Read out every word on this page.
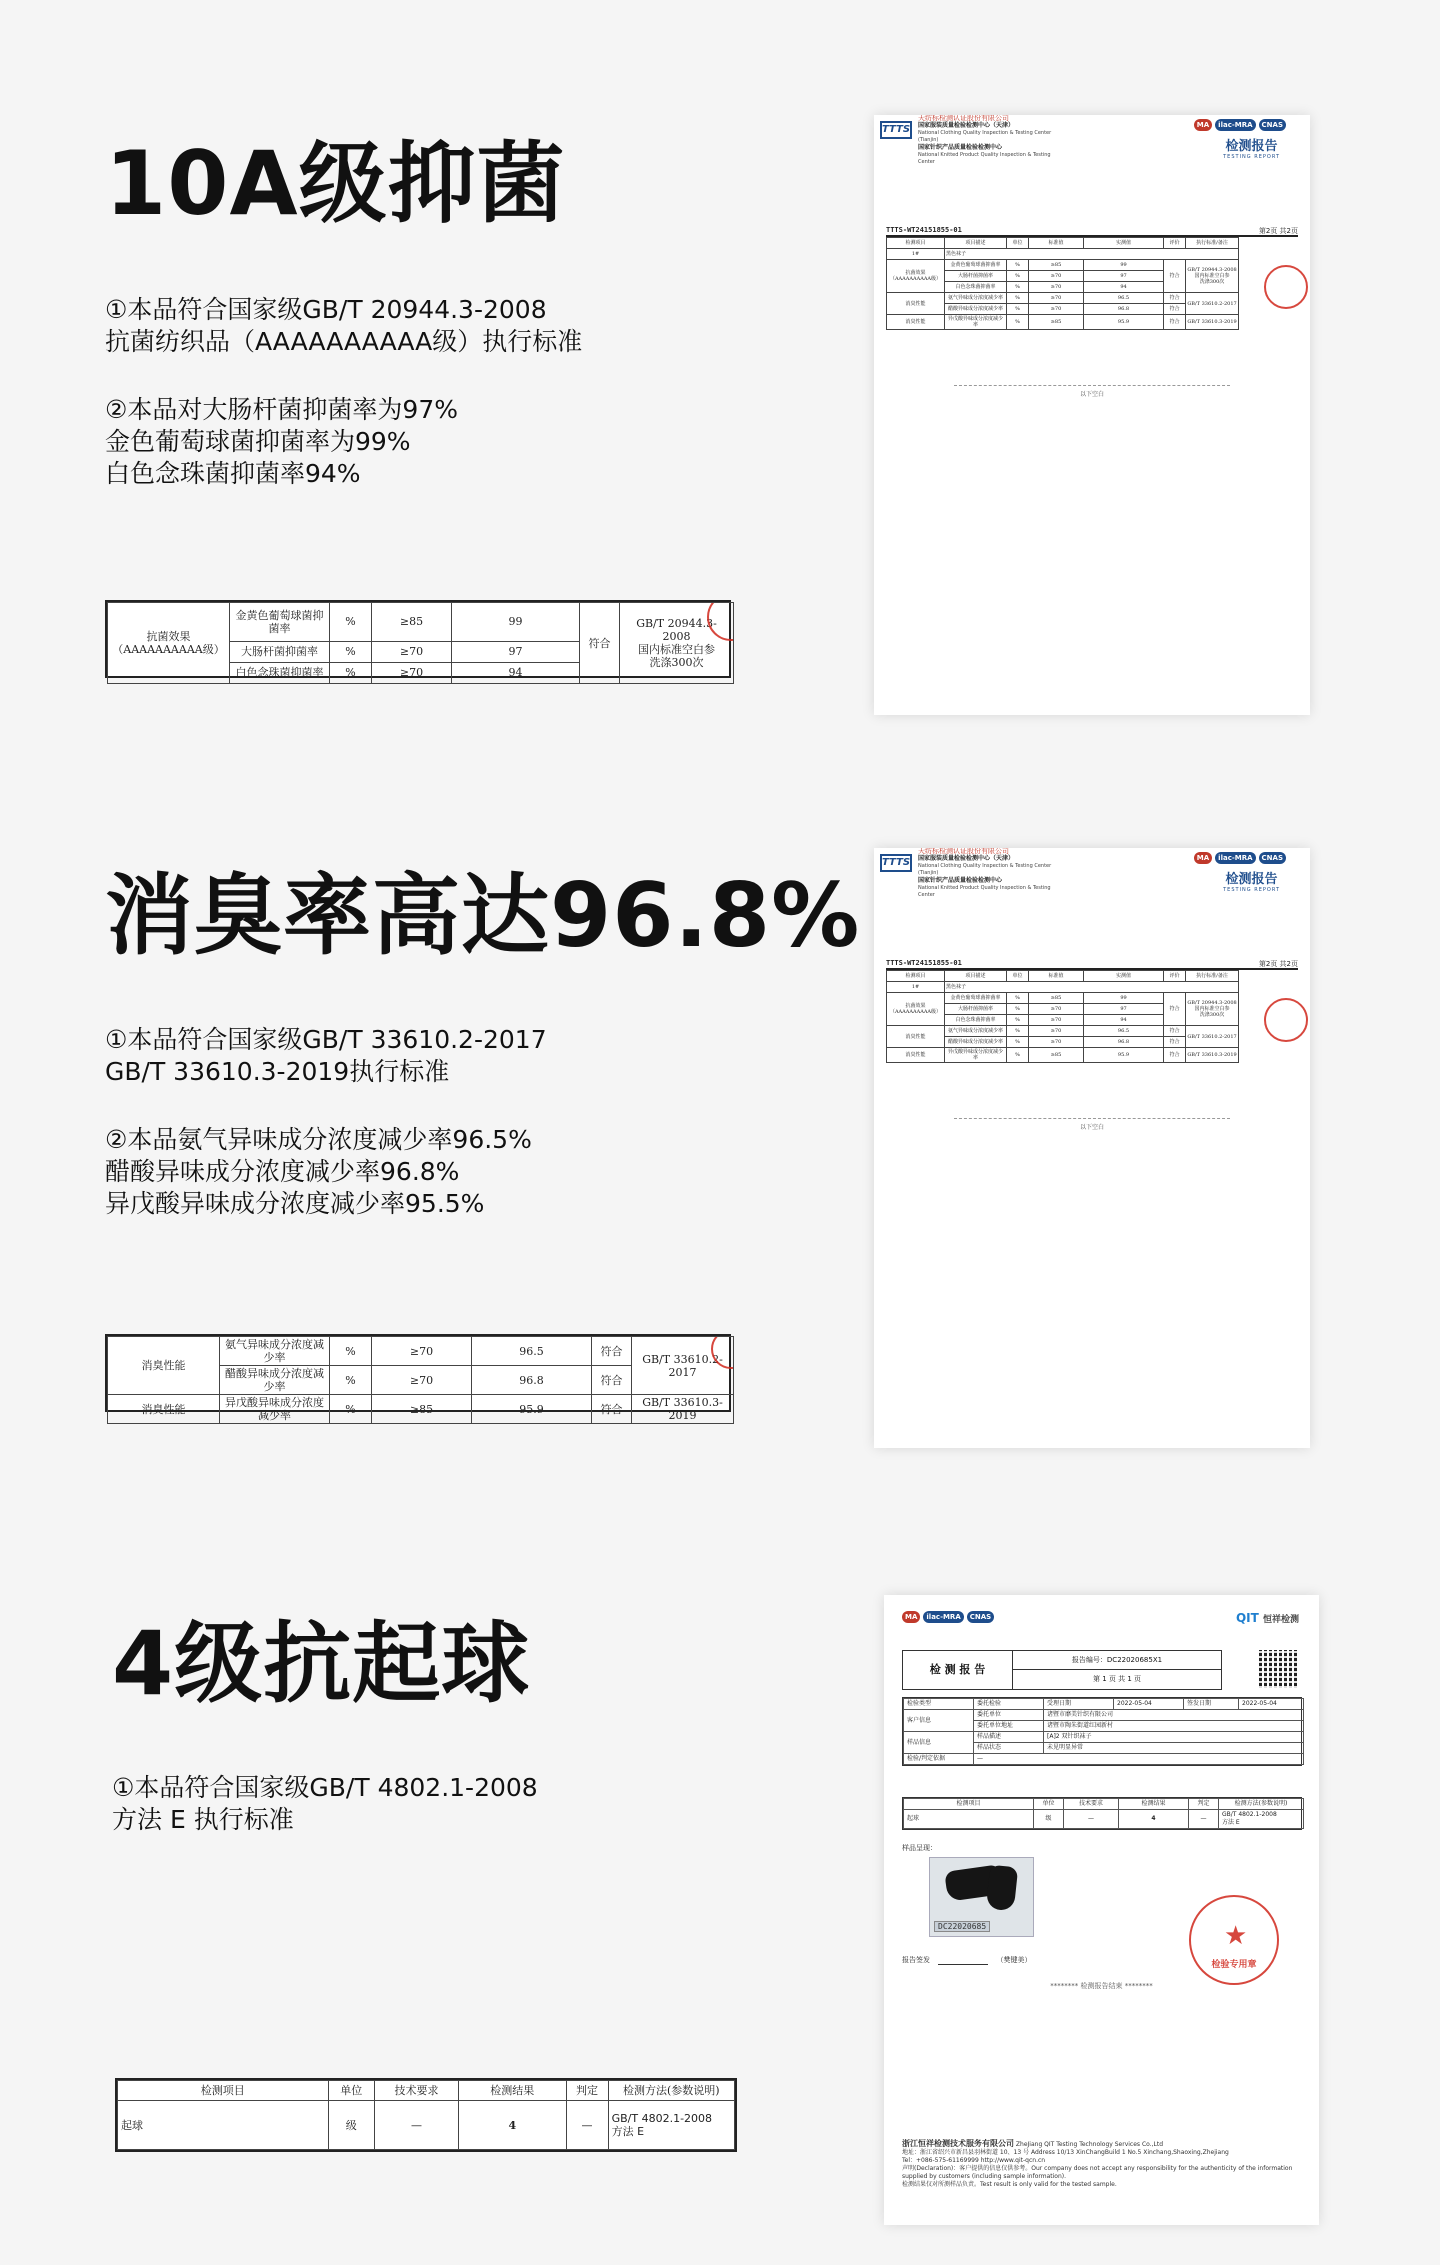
10A级抑菌
①本品符合国家级GB/T 20944.3-2008
抗菌纺织品（AAAAAAAAAA级）执行标准
②本品对大肠杆菌抑菌率为97%
金色葡萄球菌抑菌率为99%
白色念珠菌抑菌率94%
抗菌效果
（AAAAAAAAAA级）	金黄色葡萄球菌抑菌率	%	≥85	99	符合	GB/T 20944.3-2008
国内标准空白参
洗涤300次

	大肠杆菌抑菌率	%	≥70	97		
	白色念珠菌抑菌率	%	≥70	94		
TTTS
天纺标检测认证股份有限公司
国家服装质量检验检测中心（天津）
National Clothing Quality Inspection & Testing Center (Tianjin)
国家针织产品质量检验检测中心
National Knitted Product Quality Inspection & Testing Center
MA	ilac-MRA	CNAS
检测报告
TESTING REPORT
TTTS-WT24151855-01	第2页 共2页
检测项目	项目描述	单位	标准值	实测值	评价	执行标准/备注
1#	黑色袜子					
抗菌效果
（AAAAAAAAAA级）	金黄色葡萄球菌抑菌率	%	≥85	99	符合	GB/T 20944.3-2008
国内标准空白参
洗涤300次
	大肠杆菌抑菌率	%	≥70	97		
	白色念珠菌抑菌率	%	≥70	94		
消臭性能	氨气异味成分浓度减少率	%	≥70	96.5	符合	GB/T 33610.2-2017
	醋酸异味成分浓度减少率	%	≥70	96.8	符合	
消臭性能	异戊酸异味成分浓度减少率	%	≥85	95.9	符合	GB/T 33610.3-2019
以下空白
消臭率高达96.8%
①本品符合国家级GB/T 33610.2-2017
GB/T 33610.3-2019执行标准
②本品氨气异味成分浓度减少率96.5%
醋酸异味成分浓度减少率96.8%
异戊酸异味成分浓度减少率95.5%
消臭性能	氨气异味成分浓度减少率	%	≥70	96.5	符合	GB/T 33610.2-2017

	醋酸异味成分浓度减少率	%	≥70	96.8	符合	
消臭性能	异戊酸异味成分浓度减少率	%	≥85	95.9	符合	GB/T 33610.3-2019
TTTS
天纺标检测认证股份有限公司
国家服装质量检验检测中心（天津）
National Clothing Quality Inspection & Testing Center (Tianjin)
国家针织产品质量检验检测中心
National Knitted Product Quality Inspection & Testing Center
MA	ilac-MRA	CNAS
检测报告
TESTING REPORT
TTTS-WT24151855-01	第2页 共2页
检测项目	项目描述	单位	标准值	实测值	评价	执行标准/备注
1#	黑色袜子					
抗菌效果
（AAAAAAAAAA级）	金黄色葡萄球菌抑菌率	%	≥85	99	符合	GB/T 20944.3-2008
国内标准空白参
洗涤300次
	大肠杆菌抑菌率	%	≥70	97		
	白色念珠菌抑菌率	%	≥70	94		
消臭性能	氨气异味成分浓度减少率	%	≥70	96.5	符合	GB/T 33610.2-2017
	醋酸异味成分浓度减少率	%	≥70	96.8	符合	
消臭性能	异戊酸异味成分浓度减少率	%	≥85	95.9	符合	GB/T 33610.3-2019
以下空白
4级抗起球
①本品符合国家级GB/T 4802.1-2008
方法 E 执行标准
检测项目	单位	技术要求	检测结果	判定	检测方法(参数说明)
起球	级	—	4	—	GB/T 4802.1-2008
方法 E
MA	ilac-MRA	CNAS	QIT 恒祥检测
检 测 报 告
报告编号：DC22020685X1
第 1 页 共 1 页
检验类型	委托检验	受理日期	2022-05-04	签发日期	2022-05-04
客户信息	委托单位	诸暨市靡美针织有限公司			
	委托单位地址	诸暨市陶朱街道红园新村			
样品信息	样品描述	[A]2 双针织袜子			
	样品状态	未见明显异常			
检验/判定依据	—				
检测项目	单位	技术要求	检测结果	判定	检测方法(参数说明)
起球	级	—	4	—	GB/T 4802.1-2008
方法 E
样品呈现：
DC22020685
报告签发	（樊键美）
******** 检测报告结束 ********
★
检验专用章
浙江恒祥检测技术服务有限公司 ZheJiang QIT Testing Technology Services Co.,Ltd
地址：浙江省绍兴市新昌县羽林街道 10、13 号 Address 10/13 XinChangBuild 1 No.5 Xinchang,Shaoxing,Zhejiang
Tel：+086-575-61169999 http://www.qit-qcn.cn
声明(Declaration)：客户提供的信息仅供参考。Our company does not accept any responsibility for the authenticity of the information supplied by customers (including sample information).
检测结果仅对所测样品负责。Test result is only valid for the tested sample.
